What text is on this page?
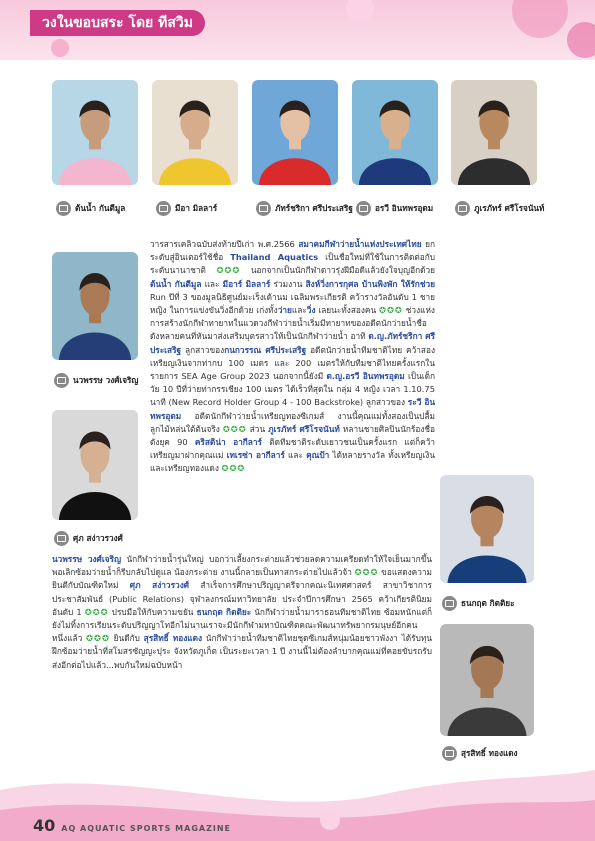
วงในขอบสระ โดย ทีสวิม
ต้นน้ำ กันตีมูล	มีอา มิลลาร์	ภัทร์ชริกา ศรีประเสริฐ	อรวี อินทพรอุดม	ภูเรภัทร์ ศรีโรจนันท์
นวพรรษ วงศ์เจริญ
ศุภ สง่าวรวงศ์
ธนกฤต กิตติยะ
สุรสิทธิ์ ทองแดง

วารสารเคลิวฉบับส่งท้ายปีเก่า พ.ศ.2566 สมาคมกีฬาว่ายน้ำแห่งประเทศไทย ยกระดับสู่อินเตอร์ใช้ชื่อ Thailand Aquatics เป็นชื่อใหม่ที่ใช้ในการติดต่อกับระดับนานาชาติ ✪✪✪ นอกจากเป็นนักกีฬาดาวรุ่งฝีมือดีแล้วยังใจบุญอีกด้วย ต้นน้ำ กันตีมูล และ มีอาร์ มิลลาร์ ร่วมงาน สิงห์วิ่งการกุศล บ้านพิงพัก ให้รักช่วย Run ปีที่ 3 ของมูลนิธิศูนย์มะเร็งเด้านม เฉลิมพระเกียรติ คว้ารางวัลอันดับ 1 ชาย หญิง ในการแข่งขันวิ่งอีกด้วย เก่งทั้งว่ายและวิ่ง เลยนะทั้งสองคน ✪✪✪ ช่วงแห่งการสร้างนักกีฬาทายาทในแวดวงกีฬาว่ายน้ำเริ่มมีทายาทของอดีตนักว่ายน้ำชื่อดังหลายคนที่หันมาส่งเสริมบุตรสาวให้เป็นนักกีฬาว่ายน้ำ อาทิ ด.ญ.ภัทร์ชริกา ศรีประเสริฐ ลูกสาวของกนกวรรณ ศรีประเสริฐ อดีตนักว่ายน้ำทีมชาติไทย คว้าสองเหรียญเงินจากท่ากบ 100 เมตร และ 200 เมตรให้กับทีมชาติไทยครั้งแรกในรายการ SEA Age Group 2023 นอกจากนี้ยังมี ด.ญ.อรวี อินทพรอุดม เป็นเด็กวัย 10 ปีที่ว่ายท่ากรรเชียง 100 เมตร ได้เร็วที่สุดใน กลุ่ม 4 หญิง เวลา 1.10.75 นาที (New Record Holder Group 4 - 100 Backstroke) ลูกสาวของ ระวี อินทพรอุดม อดีตนักกีฬาว่ายน้ำเหรียญทองซีเกมส์ งานนี้คุณแม่ทั้งสองเป็นปลื้ม ลูกไม้หล่นใต้ต้นจริง ✪✪✪ ส่วน ภูเรภัทร์ ศรีโรจนันท์ หลานชายศิลปินนักร้องชื่อดังยุค 90 คริสติน่า อากีลาร์ ติดทีมชาติระดับเยาวชนเป็นครั้งแรก แต่ก็คว้าเหรียญมาฝากคุณแม่ เทเรซ่า อากีลาร์ และ คุณป้า ได้หลายรางวัล ทั้งเหรียญเงินและเหรียญทองแดง ✪✪✪

นวพรรษ วงศ์เจริญ นักกีฬาว่ายน้ำรุ่นใหญ่ บอกว่าเลี้ยงกระต่ายแล้วช่วยลดความเครียดทำให้ใจเย็นมากขึ้น พอเลิกซ้อมว่ายน้ำก็รีบกลับไปดูแล น้องกระต่าย งานนี้กลายเป็นทาสกระต่ายไปแล้วจ้า ✪✪✪ ขอแสดงความยินดีกับบัณฑิตใหม่ ศุภ สง่าวรวงศ์ สำเร็จการศึกษาปริญญาตรีจากคณะนิเทศศาสตร์ สาขาวิชาการประชาสัมพันธ์ (Public Relations) จุฬาลงกรณ์มหาวิทยาลัย ประจำปีการศึกษา 2565 คว้าเกียรตินิยมอันดับ 1 ✪✪✪ ปรบมือให้กับความขยัน ธนกฤต กิตติยะ นักกีฬาว่ายน้ำมาราธอนทีมชาติไทย ซ้อมหนักแต่ก็ยังไม่ทิ้งการเรียนระดับปริญญาโทอีกไม่นานเราจะมีนักกีฬามหาบัณฑิตคณะพัฒนาทรัพยากรมนุษย์อีกคนหนึ่งแล้ว ✪✪✪ ยินดีกับ สุรสิทธิ์ ทองแดง นักกีฬาว่ายน้ำทีมชาติไทยชุดซีเกมส์หนุ่มน้อยชาวพังงา ได้รับทุนฝึกซ้อมว่ายน้ำที่สโมสรซัญญะปุระ จังหวัดภูเก็ต เป็นระยะเวลา 1 ปี งานนี้ไม่ต้องลำบากคุณแม่ที่คอยขับรถรับส่งอีกต่อไปแล้ว...พบกันใหม่ฉบับหน้า

40 AQ AQUATIC SPORTS MAGAZINE
